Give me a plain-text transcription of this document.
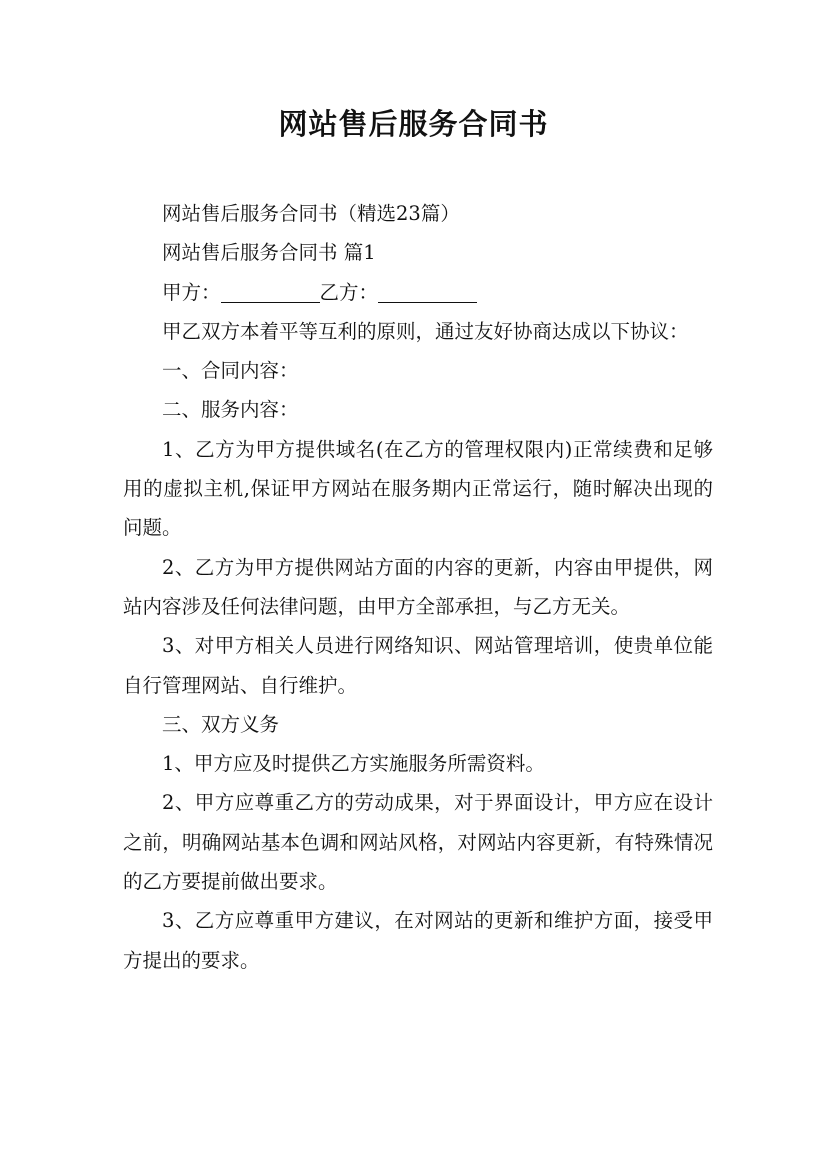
网站售后服务合同书

网站售后服务合同书（精选23篇）

网站售后服务合同书 篇1

甲方：	乙方：

甲乙双方本着平等互利的原则，通过友好协商达成以下协议：

一、合同内容：

二、服务内容：

1、乙方为甲方提供域名(在乙方的管理权限内)正常续费和足够用的虚拟主机,保证甲方网站在服务期内正常运行，随时解决出现的问题。

2、乙方为甲方提供网站方面的内容的更新，内容由甲提供，网站内容涉及任何法律问题，由甲方全部承担，与乙方无关。

3、对甲方相关人员进行网络知识、网站管理培训，使贵单位能自行管理网站、自行维护。

三、双方义务

1、甲方应及时提供乙方实施服务所需资料。

2、甲方应尊重乙方的劳动成果，对于界面设计，甲方应在设计之前，明确网站基本色调和网站风格，对网站内容更新，有特殊情况的乙方要提前做出要求。

3、乙方应尊重甲方建议，在对网站的更新和维护方面，接受甲方提出的要求。
